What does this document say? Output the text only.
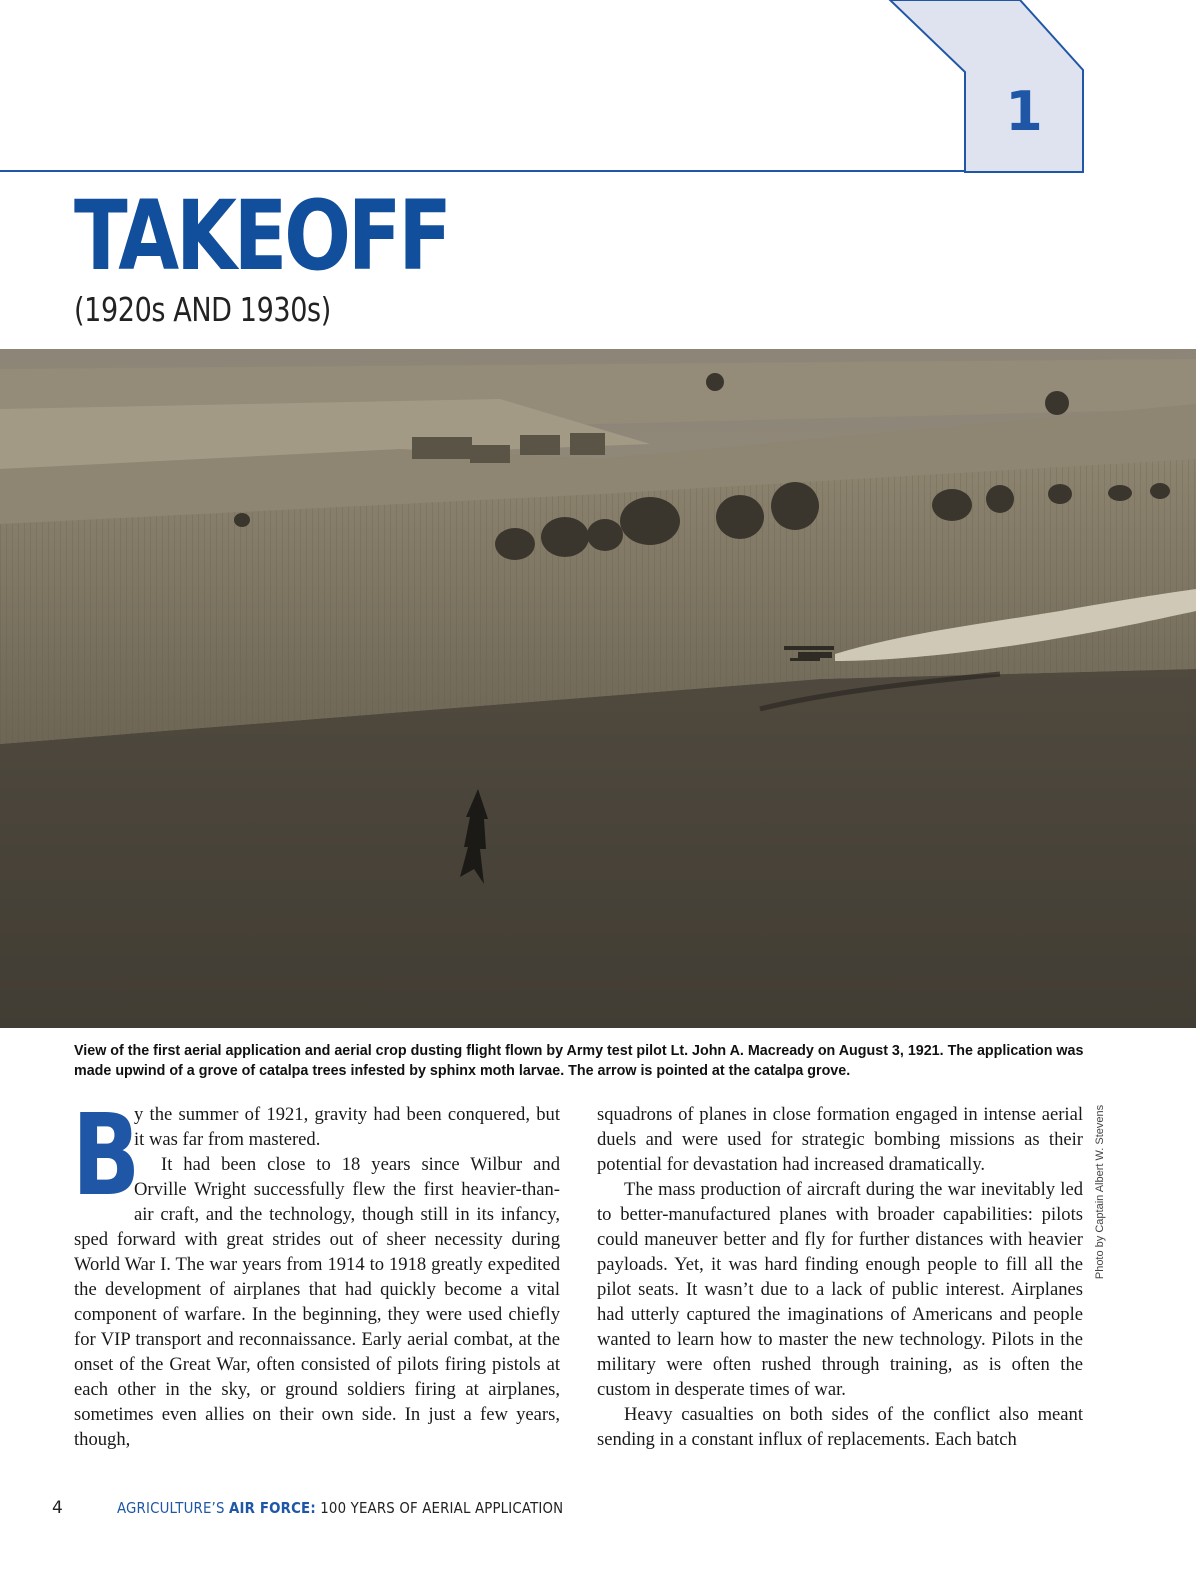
1
TAKEOFF
(1920s AND 1930s)
View of the first aerial application and aerial crop dusting flight flown by Army test pilot Lt. John A. Macready on August 3, 1921. The application was made upwind of a grove of catalpa trees infested by sphinx moth larvae. The arrow is pointed at the catalpa grove.
Photo by Captain Albert W. Stevens
B

y the summer of 1921, gravity had been conquered, but it was far from mastered.

It had been close to 18 years since Wilbur and Orville Wright successfully flew the first heavier-than-air craft, and the technology, though still in its infancy, sped forward with great strides out of sheer necessity during World War I. The war years from 1914 to 1918 greatly expedited the development of airplanes that had quickly become a vital component of warfare. In the beginning, they were used chiefly for VIP transport and reconnaissance. Early aerial combat, at the onset of the Great War, often consisted of pilots firing pistols at each other in the sky, or ground soldiers firing at airplanes, sometimes even allies on their own side. In just a few years, though,

squadrons of planes in close formation engaged in intense aerial duels and were used for strategic bombing missions as their potential for devastation had increased dramatically.

The mass production of aircraft during the war inevitably led to better-manufactured planes with broader capabilities: pilots could maneuver better and fly for further distances with heavier payloads. Yet, it was hard finding enough people to fill all the pilot seats. It wasn’t due to a lack of public interest. Airplanes had utterly captured the imaginations of Americans and people wanted to learn how to master the new technology. Pilots in the military were often rushed through training, as is often the custom in desperate times of war.

Heavy casualties on both sides of the conflict also meant sending in a constant influx of replacements. Each batch

4	AGRICULTURE’S AIR FORCE: 100 YEARS OF AERIAL APPLICATION
